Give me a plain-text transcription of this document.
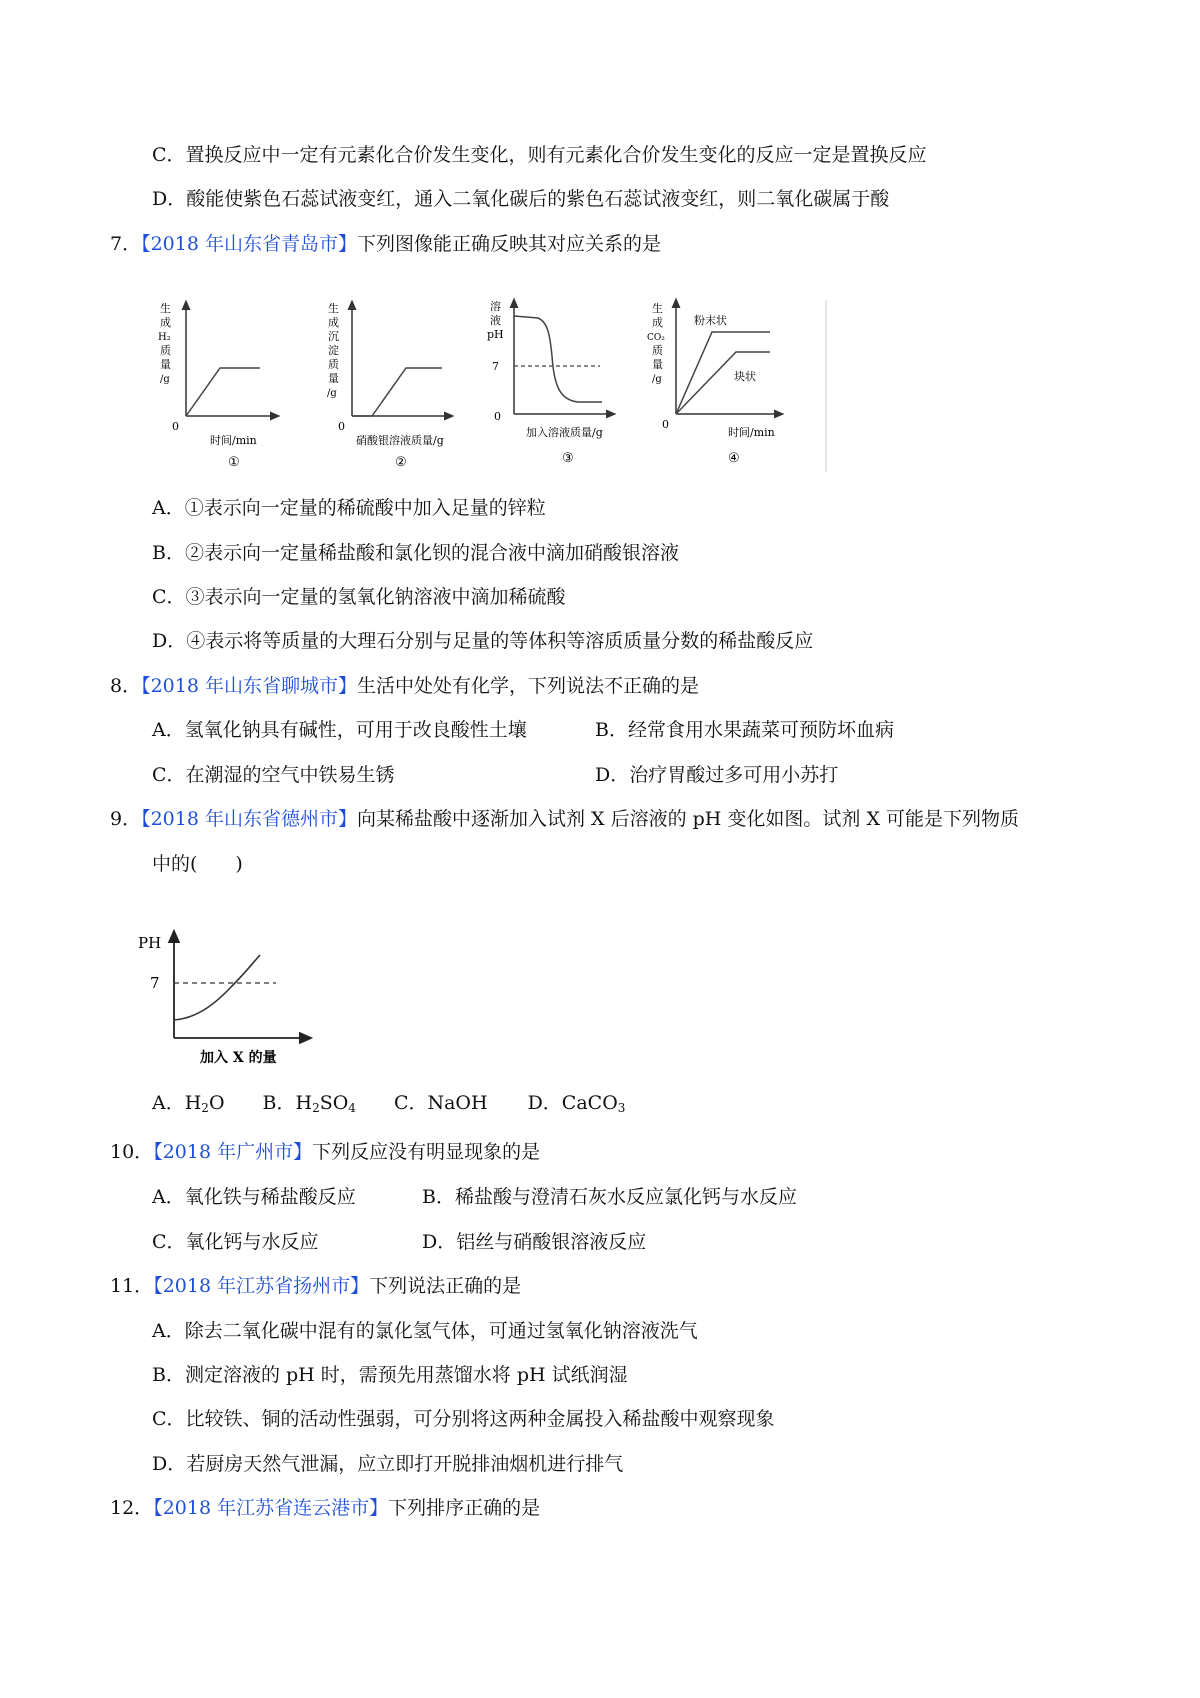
C．置换反应中一定有元素化合价发生变化，则有元素化合价发生变化的反应一定是置换反应
D．酸能使紫色石蕊试液变红，通入二氧化碳后的紫色石蕊试液变红，则二氧化碳属于酸
7．【2018 年山东省青岛市】下列图像能正确反映其对应关系的是
生
成
H₂
质
量
/g
0
时间/min
①
生
成
沉
淀
质
量
/g
0
硝酸银溶液质量/g
②
溶
液
pH
7
0
加入溶液质量/g
③
生
成
CO₂
质
量
/g
0
粉末状
块状
时间/min
④
A．①表示向一定量的稀硫酸中加入足量的锌粒
B．②表示向一定量稀盐酸和氯化钡的混合液中滴加硝酸银溶液
C．③表示向一定量的氢氧化钠溶液中滴加稀硫酸
D．④表示将等质量的大理石分别与足量的等体积等溶质质量分数的稀盐酸反应
8．【2018 年山东省聊城市】生活中处处有化学，下列说法不正确的是
A．氢氧化钠具有碱性，可用于改良酸性土壤	B．经常食用水果蔬菜可预防坏血病
C．在潮湿的空气中铁易生锈	D．治疗胃酸过多可用小苏打
9．【2018 年山东省德州市】向某稀盐酸中逐渐加入试剂 X 后溶液的 pH 变化如图。试剂 X 可能是下列物质
中的(　　)
PH
7
加入 X 的量
A．$H_2O$ B．$H_2SO_4$ C．NaOH D．CaCO$_3$
10．【2018 年广州市】下列反应没有明显现象的是
A．氧化铁与稀盐酸反应	B．稀盐酸与澄清石灰水反应氯化钙与水反应
C．氧化钙与水反应	D．铝丝与硝酸银溶液反应
11．【2018 年江苏省扬州市】下列说法正确的是
A．除去二氧化碳中混有的氯化氢气体，可通过氢氧化钠溶液洗气
B．测定溶液的 pH 时，需预先用蒸馏水将 pH 试纸润湿
C．比较铁、铜的活动性强弱，可分别将这两种金属投入稀盐酸中观察现象
D．若厨房天然气泄漏，应立即打开脱排油烟机进行排气
12．【2018 年江苏省连云港市】下列排序正确的是
